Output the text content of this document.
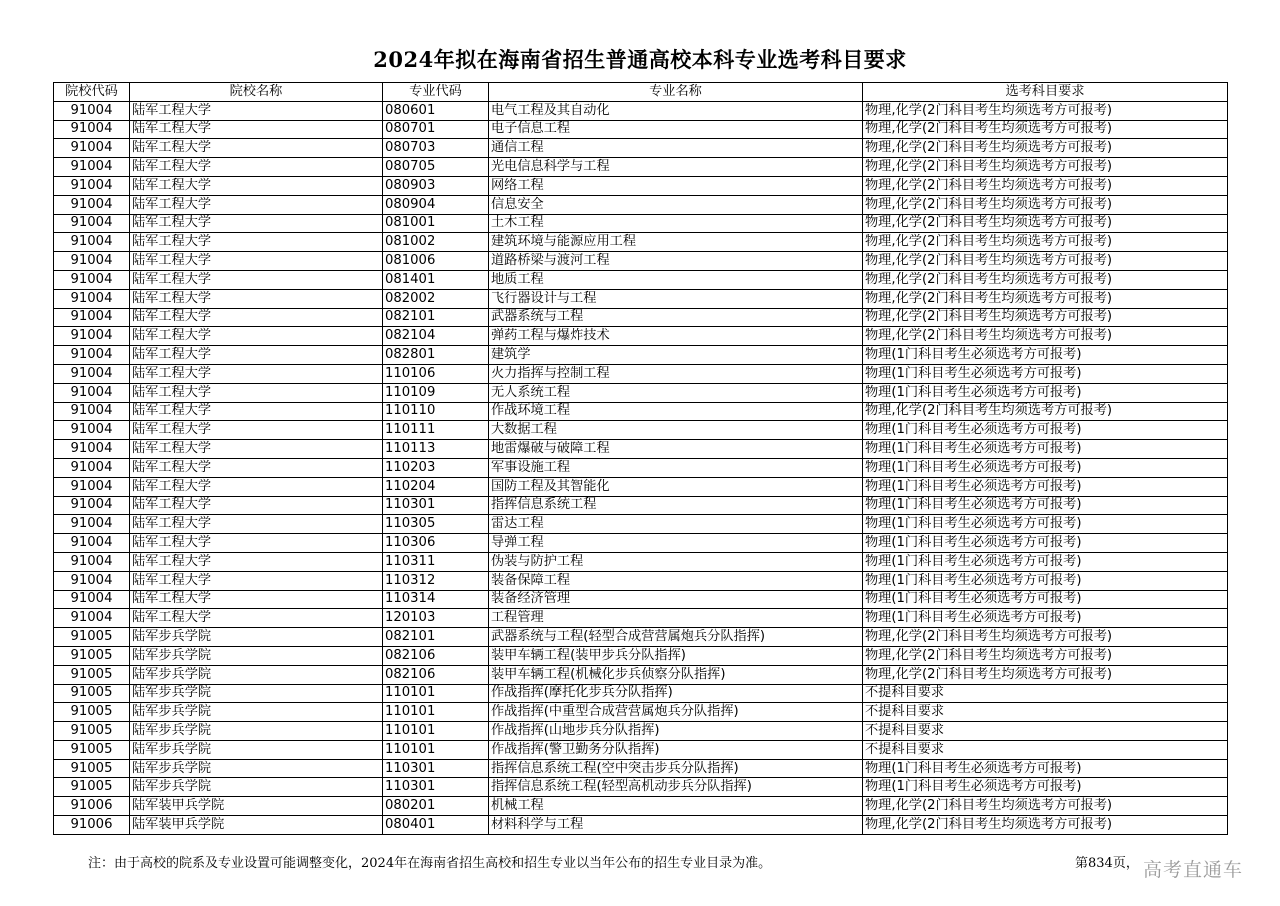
2024年拟在海南省招生普通高校本科专业选考科目要求
院校代码	院校名称	专业代码	专业名称	选考科目要求
91004	陆军工程大学	080601	电气工程及其自动化	物理,化学(2门科目考生均须选考方可报考)
91004	陆军工程大学	080701	电子信息工程	物理,化学(2门科目考生均须选考方可报考)
91004	陆军工程大学	080703	通信工程	物理,化学(2门科目考生均须选考方可报考)
91004	陆军工程大学	080705	光电信息科学与工程	物理,化学(2门科目考生均须选考方可报考)
91004	陆军工程大学	080903	网络工程	物理,化学(2门科目考生均须选考方可报考)
91004	陆军工程大学	080904	信息安全	物理,化学(2门科目考生均须选考方可报考)
91004	陆军工程大学	081001	土木工程	物理,化学(2门科目考生均须选考方可报考)
91004	陆军工程大学	081002	建筑环境与能源应用工程	物理,化学(2门科目考生均须选考方可报考)
91004	陆军工程大学	081006	道路桥梁与渡河工程	物理,化学(2门科目考生均须选考方可报考)
91004	陆军工程大学	081401	地质工程	物理,化学(2门科目考生均须选考方可报考)
91004	陆军工程大学	082002	飞行器设计与工程	物理,化学(2门科目考生均须选考方可报考)
91004	陆军工程大学	082101	武器系统与工程	物理,化学(2门科目考生均须选考方可报考)
91004	陆军工程大学	082104	弹药工程与爆炸技术	物理,化学(2门科目考生均须选考方可报考)
91004	陆军工程大学	082801	建筑学	物理(1门科目考生必须选考方可报考)
91004	陆军工程大学	110106	火力指挥与控制工程	物理(1门科目考生必须选考方可报考)
91004	陆军工程大学	110109	无人系统工程	物理(1门科目考生必须选考方可报考)
91004	陆军工程大学	110110	作战环境工程	物理,化学(2门科目考生均须选考方可报考)
91004	陆军工程大学	110111	大数据工程	物理(1门科目考生必须选考方可报考)
91004	陆军工程大学	110113	地雷爆破与破障工程	物理(1门科目考生必须选考方可报考)
91004	陆军工程大学	110203	军事设施工程	物理(1门科目考生必须选考方可报考)
91004	陆军工程大学	110204	国防工程及其智能化	物理(1门科目考生必须选考方可报考)
91004	陆军工程大学	110301	指挥信息系统工程	物理(1门科目考生必须选考方可报考)
91004	陆军工程大学	110305	雷达工程	物理(1门科目考生必须选考方可报考)
91004	陆军工程大学	110306	导弹工程	物理(1门科目考生必须选考方可报考)
91004	陆军工程大学	110311	伪装与防护工程	物理(1门科目考生必须选考方可报考)
91004	陆军工程大学	110312	装备保障工程	物理(1门科目考生必须选考方可报考)
91004	陆军工程大学	110314	装备经济管理	物理(1门科目考生必须选考方可报考)
91004	陆军工程大学	120103	工程管理	物理(1门科目考生必须选考方可报考)
91005	陆军步兵学院	082101	武器系统与工程(轻型合成营营属炮兵分队指挥)	物理,化学(2门科目考生均须选考方可报考)
91005	陆军步兵学院	082106	装甲车辆工程(装甲步兵分队指挥)	物理,化学(2门科目考生均须选考方可报考)
91005	陆军步兵学院	082106	装甲车辆工程(机械化步兵侦察分队指挥)	物理,化学(2门科目考生均须选考方可报考)
91005	陆军步兵学院	110101	作战指挥(摩托化步兵分队指挥)	不提科目要求
91005	陆军步兵学院	110101	作战指挥(中重型合成营营属炮兵分队指挥)	不提科目要求
91005	陆军步兵学院	110101	作战指挥(山地步兵分队指挥)	不提科目要求
91005	陆军步兵学院	110101	作战指挥(警卫勤务分队指挥)	不提科目要求
91005	陆军步兵学院	110301	指挥信息系统工程(空中突击步兵分队指挥)	物理(1门科目考生必须选考方可报考)
91005	陆军步兵学院	110301	指挥信息系统工程(轻型高机动步兵分队指挥)	物理(1门科目考生必须选考方可报考)
91006	陆军装甲兵学院	080201	机械工程	物理,化学(2门科目考生均须选考方可报考)
91006	陆军装甲兵学院	080401	材料科学与工程	物理,化学(2门科目考生均须选考方可报考)
注：由于高校的院系及专业设置可能调整变化，2024年在海南省招生高校和招生专业以当年公布的招生专业目录为准。	第834页， 高考直通车
